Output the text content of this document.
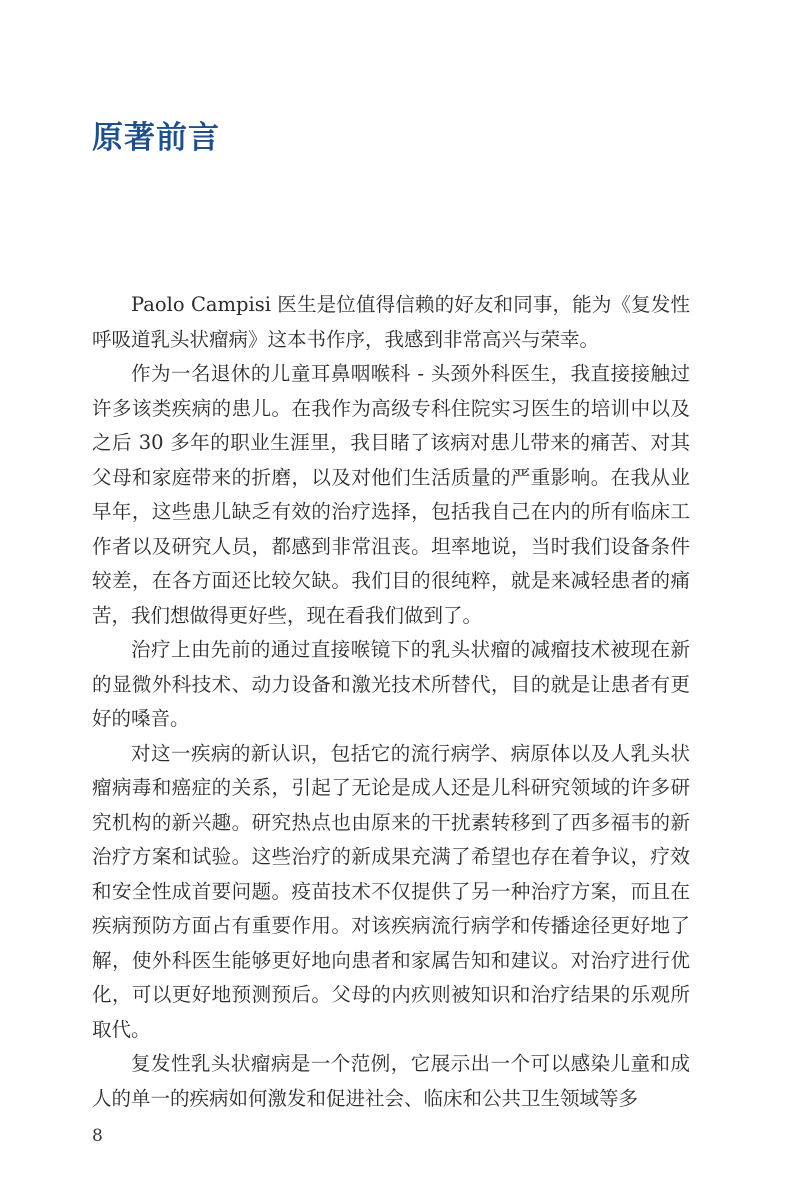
原著前言

Paolo Campisi 医生是位值得信赖的好友和同事，能为《复发性呼吸道乳头状瘤病》这本书作序，我感到非常高兴与荣幸。

作为一名退休的儿童耳鼻咽喉科 - 头颈外科医生，我直接接触过许多该类疾病的患儿。在我作为高级专科住院实习医生的培训中以及之后 30 多年的职业生涯里，我目睹了该病对患儿带来的痛苦、对其父母和家庭带来的折磨，以及对他们生活质量的严重影响。在我从业早年，这些患儿缺乏有效的治疗选择，包括我自己在内的所有临床工作者以及研究人员，都感到非常沮丧。坦率地说，当时我们设备条件较差，在各方面还比较欠缺。我们目的很纯粹，就是来减轻患者的痛苦，我们想做得更好些，现在看我们做到了。

治疗上由先前的通过直接喉镜下的乳头状瘤的减瘤技术被现在新的显微外科技术、动力设备和激光技术所替代，目的就是让患者有更好的嗓音。

对这一疾病的新认识，包括它的流行病学、病原体以及人乳头状瘤病毒和癌症的关系，引起了无论是成人还是儿科研究领域的许多研究机构的新兴趣。研究热点也由原来的干扰素转移到了西多福韦的新治疗方案和试验。这些治疗的新成果充满了希望也存在着争议，疗效和安全性成首要问题。疫苗技术不仅提供了另一种治疗方案，而且在疾病预防方面占有重要作用。对该疾病流行病学和传播途径更好地了解，使外科医生能够更好地向患者和家属告知和建议。对治疗进行优化，可以更好地预测预后。父母的内疚则被知识和治疗结果的乐观所取代。

复发性乳头状瘤病是一个范例，它展示出一个可以感染儿童和成人的单一的疾病如何激发和促进社会、临床和公共卫生领域等多

8
